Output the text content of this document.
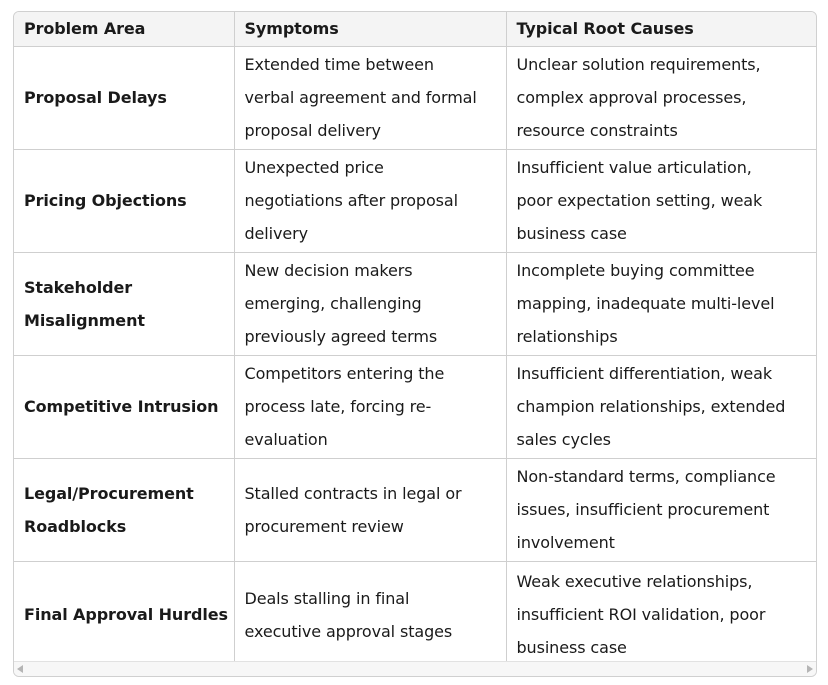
Problem Area	Symptoms	Typical Root Causes

Proposal Delays	Extended time between
verbal agreement and formal
proposal delivery	Unclear solution requirements,
complex approval processes,
resource constraints

Pricing Objections	Unexpected price
negotiations after proposal
delivery	Insufficient value articulation,
poor expectation setting, weak
business case

Stakeholder
Misalignment	New decision makers
emerging, challenging
previously agreed terms	Incomplete buying committee
mapping, inadequate multi-level
relationships

Competitive Intrusion	Competitors entering the
process late, forcing re-
evaluation	Insufficient differentiation, weak
champion relationships, extended
sales cycles

Legal/Procurement
Roadblocks	Stalled contracts in legal or
procurement review	Non-standard terms, compliance
issues, insufficient procurement
involvement

Final Approval Hurdles	Deals stalling in final
executive approval stages	Weak executive relationships,
insufficient ROI validation, poor
business case
